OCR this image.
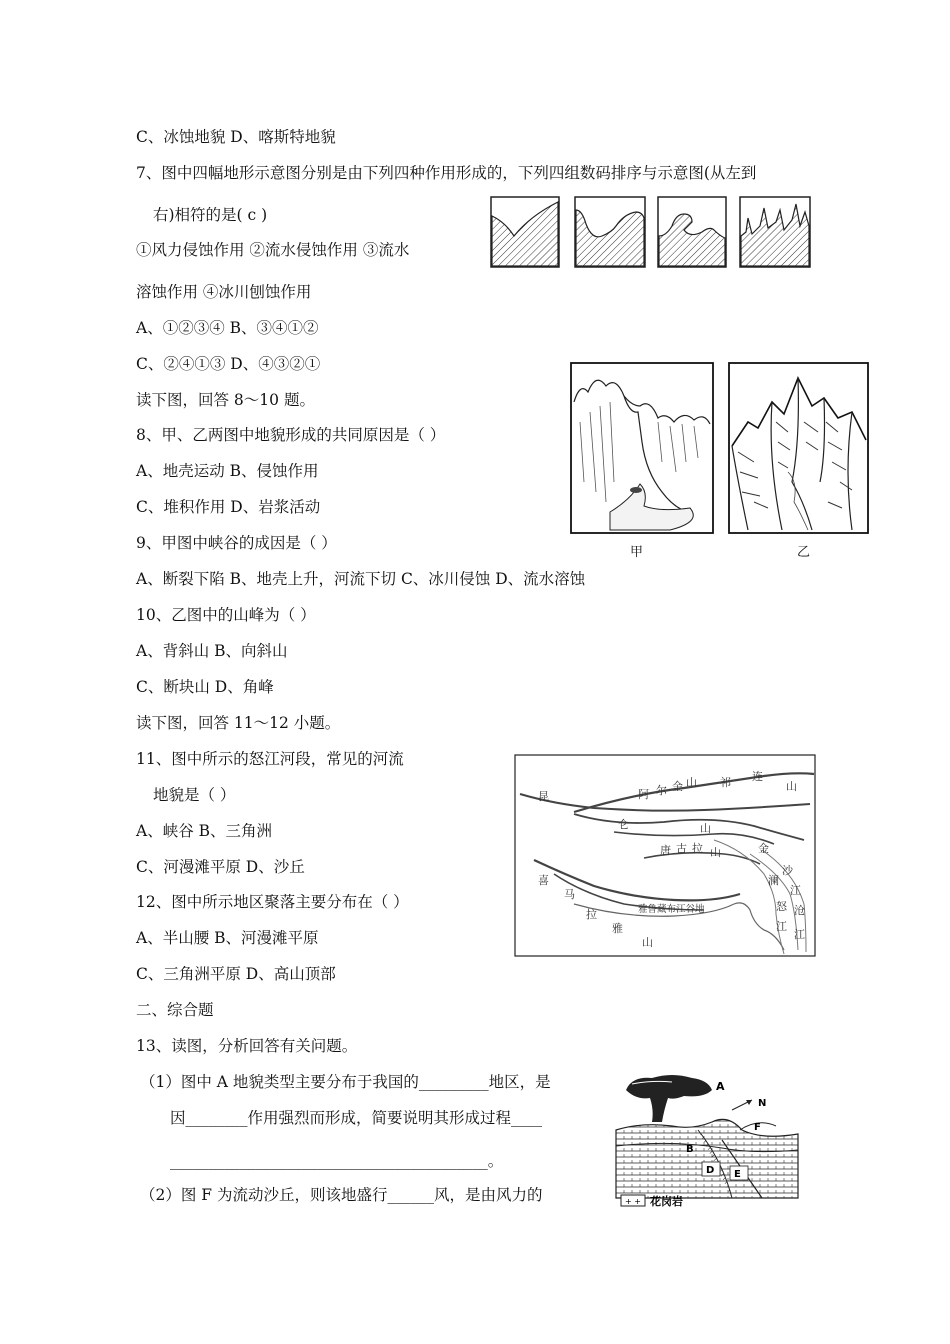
C、冰蚀地貌 D、喀斯特地貌
7、图中四幅地形示意图分别是由下列四种作用形成的，下列四组数码排序与示意图(从左到
右)相符的是( c )
①风力侵蚀作用 ②流水侵蚀作用 ③流水
溶蚀作用 ④冰川刨蚀作用
A、①②③④ B、③④①②
C、②④①③ D、④③②①
读下图，回答 8～10 题。
8、甲、乙两图中地貌形成的共同原因是（ ）
A、地壳运动 B、侵蚀作用
C、堆积作用 D、岩浆活动
9、甲图中峡谷的成因是（ ）
A、断裂下陷 B、地壳上升，河流下切 C、冰川侵蚀 D、流水溶蚀
10、乙图中的山峰为（ ）
A、背斜山 B、向斜山
C、断块山 D、角峰
读下图，回答 11～12 小题。
11、图中所示的怒江河段，常见的河流
地貌是（ ）
A、峡谷 B、三角洲
C、河漫滩平原 D、沙丘
12、图中所示地区聚落主要分布在（ ）
A、半山腰 B、河漫滩平原
C、三角洲平原 D、高山顶部
二、综合题
13、读图，分析回答有关问题。
（1）图中 A 地貌类型主要分布于我国的_________地区，是
因________作用强烈而形成，简要说明其形成过程____
_________________________________________。
（2）图 F 为流动沙丘，则该地盛行______风，是由风力的
甲	乙
阿 尔 金 山 祁 连
山
昆
仑	山
唐 古 拉 山	金
沙
江
澜
沧
江
怒
江
喜
马
拉
雅
山
雅鲁藏布江谷地
A
N
F
B
D E
+ + 花岗岩
